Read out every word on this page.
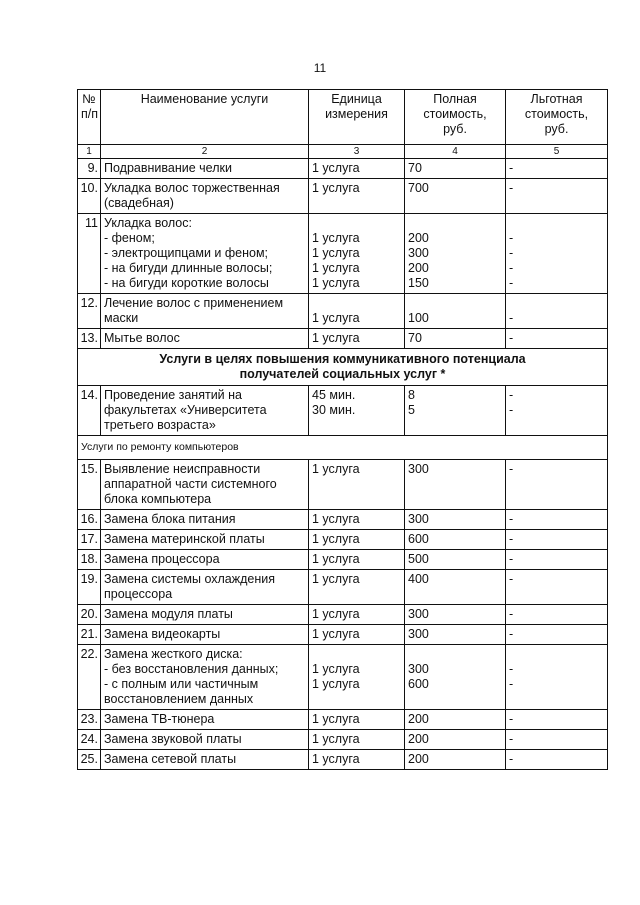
11
№
п/п	Наименование услуги	Единица
измерения	Полная
стоимость,
руб.	Льготная
стоимость,
руб.

1	2	3	4	5
9.	Подравнивание челки	1 услуга	70	-

10.	Укладка волос торжественная
(свадебная)	1 услуга	700	-

11	Укладка волос:
- феном;
- электрощипцами и феном;
- на бигуди длинные волосы;
- на бигуди короткие волосы	1 услуга
1 услуга
1 услуга
1 услуга	200
300
200
150	-
-
-
-

12.	Лечение волос с применением
маски	1 услуга	100	-

13.	Мытье волос	1 услуга	70	-

Услуги в целях повышения коммуникативного потенциала
получателей социальных услуг *				

14.	Проведение занятий на
факультетах «Университета
третьего возраста»	45 мин.
30 мин.	8
5	-
-

Услуги по ремонту компьютеров				
15.	Выявление неисправности
аппаратной части системного
блока компьютера	1 услуга	300	-

16.	Замена блока питания	1 услуга	300	-

17.	Замена материнской платы	1 услуга	600	-

18.	Замена процессора	1 услуга	500	-

19.	Замена системы охлаждения
процессора	1 услуга	400	-

20.	Замена модуля платы	1 услуга	300	-

21.	Замена видеокарты	1 услуга	300	-

22.	Замена жесткого диска:
- без восстановления данных;
- с полным или частичным
восстановлением данных	1 услуга
1 услуга	300
600	-
-

23.	Замена ТВ-тюнера	1 услуга	200	-

24.	Замена звуковой платы	1 услуга	200	-

25.	Замена сетевой платы	1 услуга	200	-
